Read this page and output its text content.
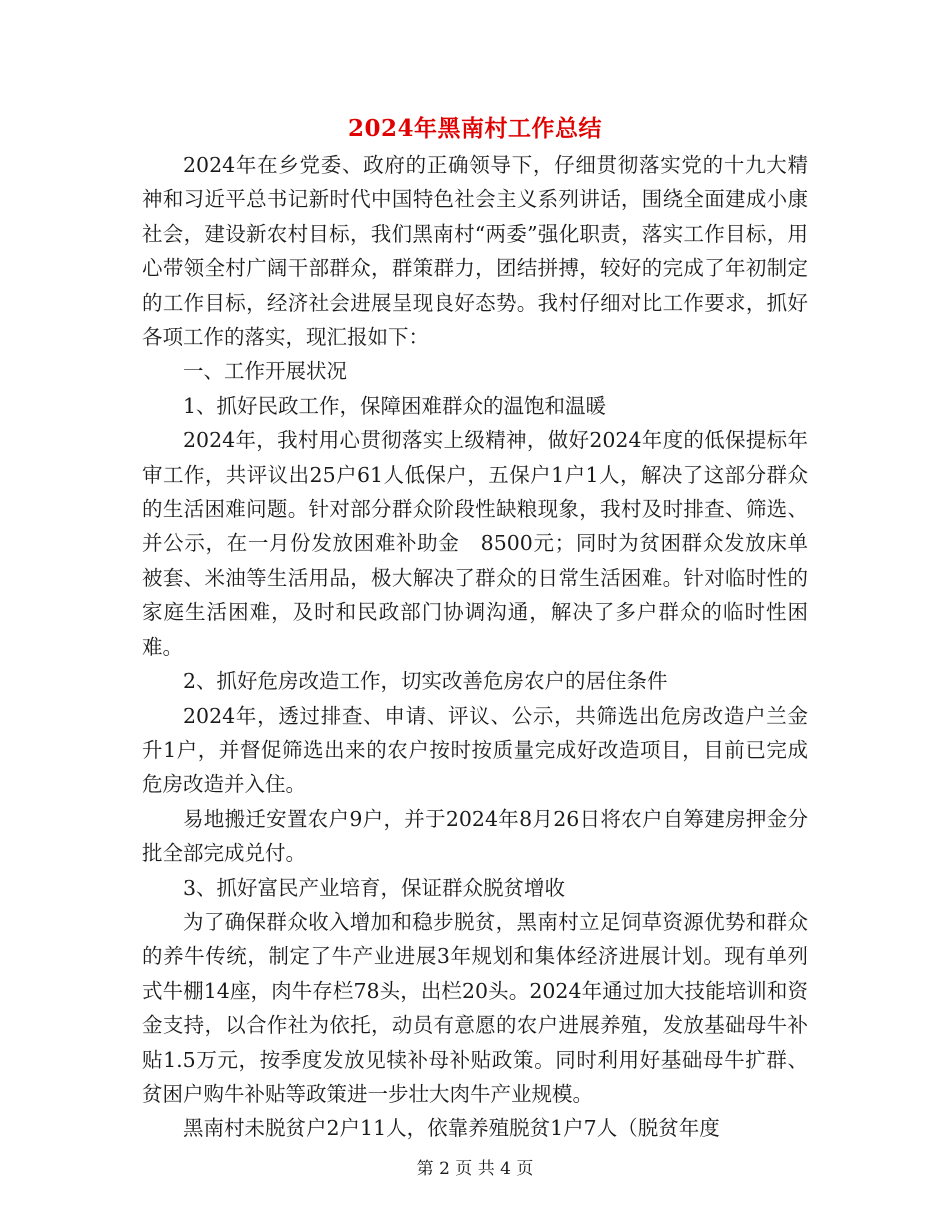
2024年黑南村工作总结

2024年在乡党委、政府的正确领导下，仔细贯彻落实党的十九大精神和习近平总书记新时代中国特色社会主义系列讲话，围绕全面建成小康社会，建设新农村目标，我们黑南村“两委”强化职责，落实工作目标，用心带领全村广阔干部群众，群策群力，团结拼搏，较好的完成了年初制定的工作目标，经济社会进展呈现良好态势。我村仔细对比工作要求，抓好各项工作的落实，现汇报如下：

一、工作开展状况

1、抓好民政工作，保障困难群众的温饱和温暖

2024年，我村用心贯彻落实上级精神，做好2024年度的低保提标年审工作，共评议出25户61人低保户，五保户1户1人，解决了这部分群众的生活困难问题。针对部分群众阶段性缺粮现象，我村及时排查、筛选、并公示，在一月份发放困难补助金　8500元；同时为贫困群众发放床单被套、米油等生活用品，极大解决了群众的日常生活困难。针对临时性的家庭生活困难，及时和民政部门协调沟通，解决了多户群众的临时性困难。

2、抓好危房改造工作，切实改善危房农户的居住条件

2024年，透过排查、申请、评议、公示，共筛选出危房改造户兰金升1户，并督促筛选出来的农户按时按质量完成好改造项目，目前已完成危房改造并入住。

易地搬迁安置农户9户，并于2024年8月26日将农户自筹建房押金分批全部完成兑付。

3、抓好富民产业培育，保证群众脱贫增收

为了确保群众收入增加和稳步脱贫，黑南村立足饲草资源优势和群众的养牛传统，制定了牛产业进展3年规划和集体经济进展计划。现有单列式牛棚14座，肉牛存栏78头，出栏20头。2024年通过加大技能培训和资金支持，以合作社为依托，动员有意愿的农户进展养殖，发放基础母牛补贴1.5万元，按季度发放见犊补母补贴政策。同时利用好基础母牛扩群、贫困户购牛补贴等政策进一步壮大肉牛产业规模。

黑南村未脱贫户2户11人，依靠养殖脱贫1户7人（脱贫年度

第 2 页 共 4 页
